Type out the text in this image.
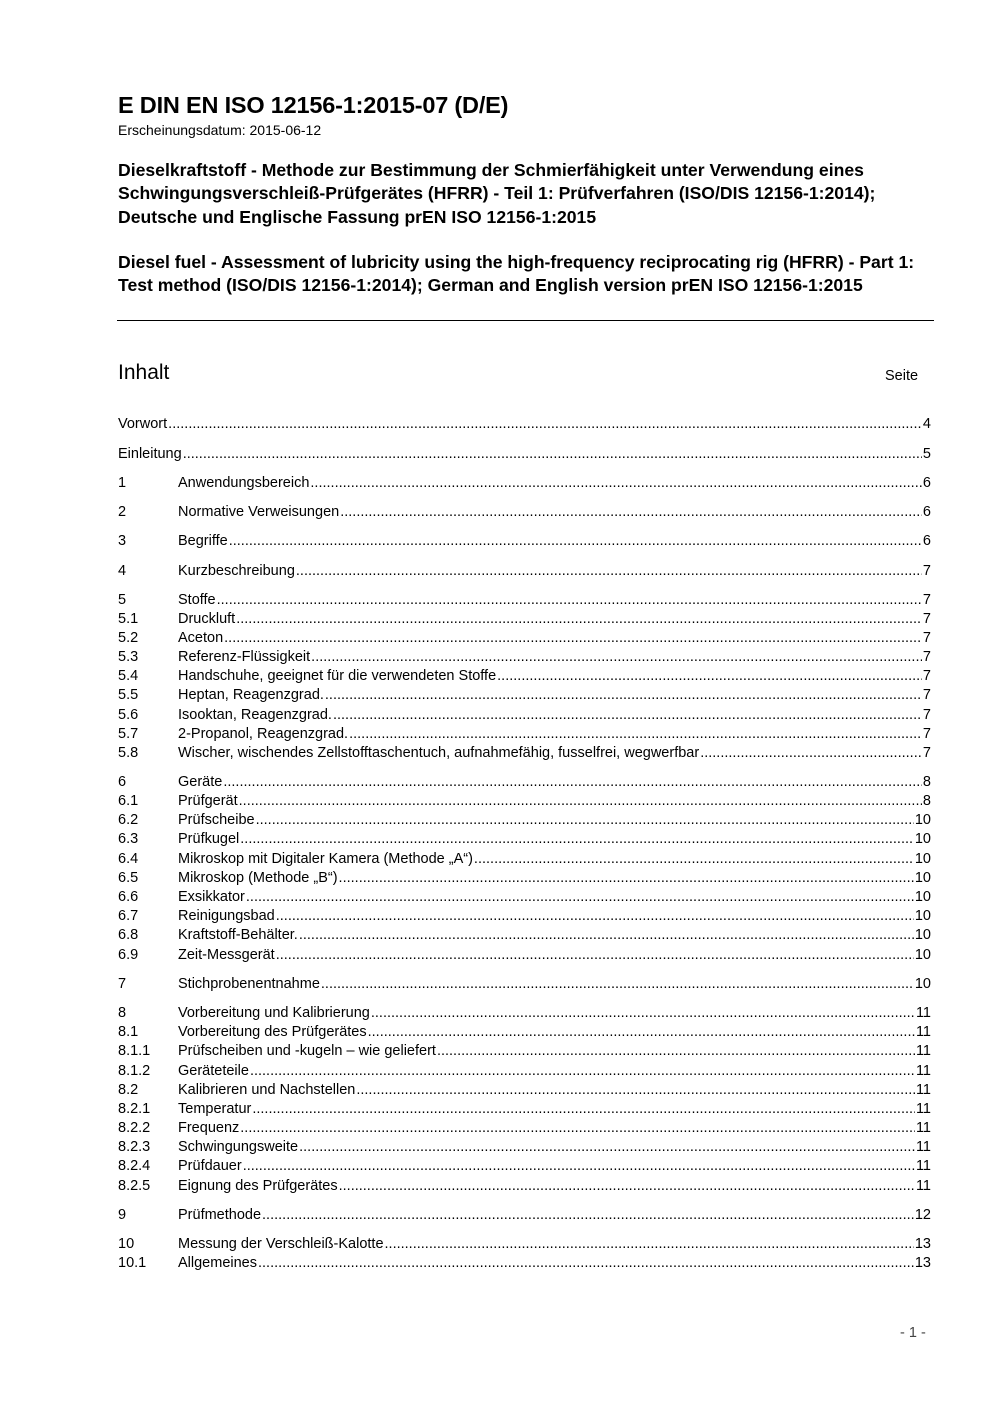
E DIN EN ISO 12156-1:2015-07 (D/E)
Erscheinungsdatum: 2015-06-12
Dieselkraftstoff - Methode zur Bestimmung der Schmierfähigkeit unter Verwendung eines Schwingungsverschleiß-Prüfgerätes (HFRR) - Teil 1: Prüfverfahren (ISO/DIS 12156-1:2014); Deutsche und Englische Fassung prEN ISO 12156-1:2015
Diesel fuel - Assessment of lubricity using the high-frequency reciprocating rig (HFRR) - Part 1: Test method (ISO/DIS 12156-1:2014); German and English version prEN ISO 12156-1:2015
Inhalt	Seite
Vorwort .....	4
Einleitung .....	5
1	Anwendungsbereich .....	6
2	Normative Verweisungen .....	6
3	Begriffe .....	6
4	Kurzbeschreibung .....	7
5	Stoffe .....	7
5.1	Druckluft .....	7
5.2	Aceton .....	7
5.3	Referenz-Flüssigkeit .....	7
5.4	Handschuhe, geeignet für die verwendeten Stoffe .....	7
5.5	Heptan, Reagenzgrad. .....	7
5.6	Isooktan, Reagenzgrad. .....	7
5.7	2-Propanol, Reagenzgrad. .....	7
5.8	Wischer, wischendes Zellstofftaschentuch, aufnahmefähig, fusselfrei, wegwerfbar .....	7
6	Geräte .....	8
6.1	Prüfgerät .....	8
6.2	Prüfscheibe .....	10
6.3	Prüfkugel .....	10
6.4	Mikroskop mit Digitaler Kamera (Methode „A“) .....	10
6.5	Mikroskop (Methode „B“) .....	10
6.6	Exsikkator .....	10
6.7	Reinigungsbad .....	10
6.8	Kraftstoff-Behälter. .....	10
6.9	Zeit-Messgerät .....	10
7	Stichprobenentnahme .....	10
8	Vorbereitung und Kalibrierung .....	11
8.1	Vorbereitung des Prüfgerätes .....	11
8.1.1	Prüfscheiben und -kugeln – wie geliefert .....	11
8.1.2	Geräteteile .....	11
8.2	Kalibrieren und Nachstellen .....	11
8.2.1	Temperatur .....	11
8.2.2	Frequenz .....	11
8.2.3	Schwingungsweite .....	11
8.2.4	Prüfdauer .....	11
8.2.5	Eignung des Prüfgerätes .....	11
9	Prüfmethode .....	12
10	Messung der Verschleiß-Kalotte .....	13
10.1	Allgemeines .....	13
- 1 -
